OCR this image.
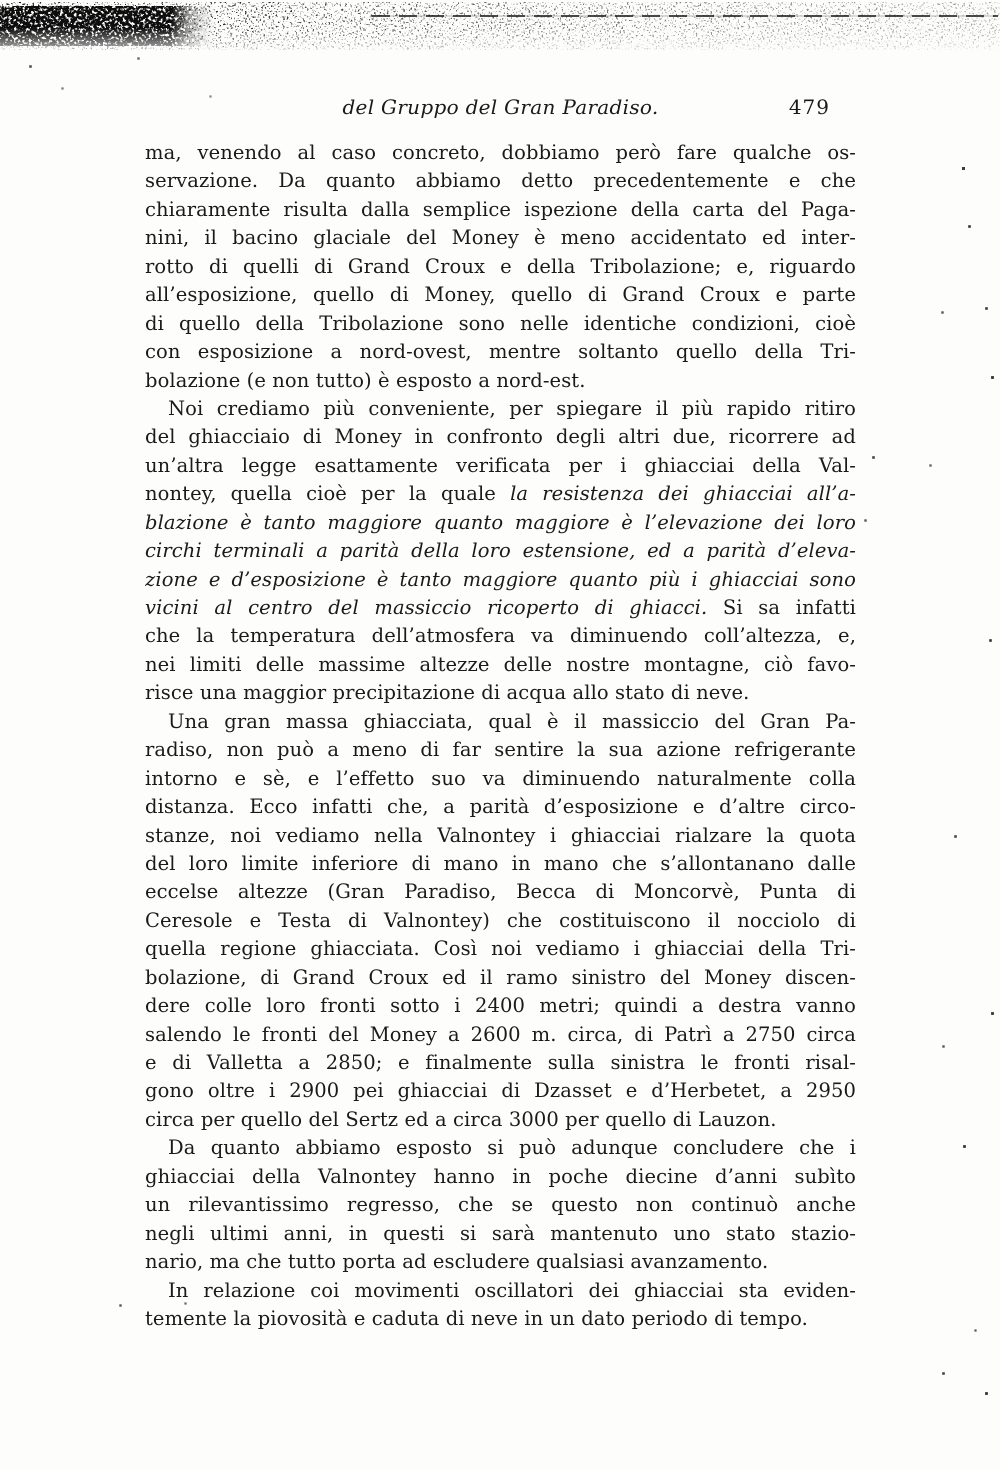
del Gruppo del Gran Paradiso.	479
ma, venendo al caso concreto, dobbiamo però fare qualche os-
servazione. Da quanto abbiamo detto precedentemente e che
chiaramente risulta dalla semplice ispezione della carta del Paga-
nini, il bacino glaciale del Money è meno accidentato ed inter-
rotto di quelli di Grand Croux e della Tribolazione; e, riguardo
all’esposizione, quello di Money, quello di Grand Croux e parte
di quello della Tribolazione sono nelle identiche condizioni, cioè
con esposizione a nord-ovest, mentre soltanto quello della Tri-
bolazione (e non tutto) è esposto a nord-est.
Noi crediamo più conveniente, per spiegare il più rapido ritiro
del ghiacciaio di Money in confronto degli altri due, ricorrere ad
un’altra legge esattamente verificata per i ghiacciai della Val-
nontey, quella cioè per la quale la resistenza dei ghiacciai all’a-
blazione è tanto maggiore quanto maggiore è l’elevazione dei loro
circhi terminali a parità della loro estensione, ed a parità d’eleva-
zione e d’esposizione è tanto maggiore quanto più i ghiacciai sono
vicini al centro del massiccio ricoperto di ghiacci. Si sa infatti
che la temperatura dell’atmosfera va diminuendo coll’altezza, e,
nei limiti delle massime altezze delle nostre montagne, ciò favo-
risce una maggior precipitazione di acqua allo stato di neve.
Una gran massa ghiacciata, qual è il massiccio del Gran Pa-
radiso, non può a meno di far sentire la sua azione refrigerante
intorno e sè, e l’effetto suo va diminuendo naturalmente colla
distanza. Ecco infatti che, a parità d’esposizione e d’altre circo-
stanze, noi vediamo nella Valnontey i ghiacciai rialzare la quota
del loro limite inferiore di mano in mano che s’allontanano dalle
eccelse altezze (Gran Paradiso, Becca di Moncorvè, Punta di
Ceresole e Testa di Valnontey) che costituiscono il nocciolo di
quella regione ghiacciata. Così noi vediamo i ghiacciai della Tri-
bolazione, di Grand Croux ed il ramo sinistro del Money discen-
dere colle loro fronti sotto i 2400 metri; quindi a destra vanno
salendo le fronti del Money a 2600 m. circa, di Patrì a 2750 circa
e di Valletta a 2850; e finalmente sulla sinistra le fronti risal-
gono oltre i 2900 pei ghiacciai di Dzasset e d’Herbetet, a 2950
circa per quello del Sertz ed a circa 3000 per quello di Lauzon.
Da quanto abbiamo esposto si può adunque concludere che i
ghiacciai della Valnontey hanno in poche diecine d’anni subìto
un rilevantissimo regresso, che se questo non continuò anche
negli ultimi anni, in questi si sarà mantenuto uno stato stazio-
nario, ma che tutto porta ad escludere qualsiasi avanzamento.
In relazione coi movimenti oscillatori dei ghiacciai sta eviden-
temente la piovosità e caduta di neve in un dato periodo di tempo.
